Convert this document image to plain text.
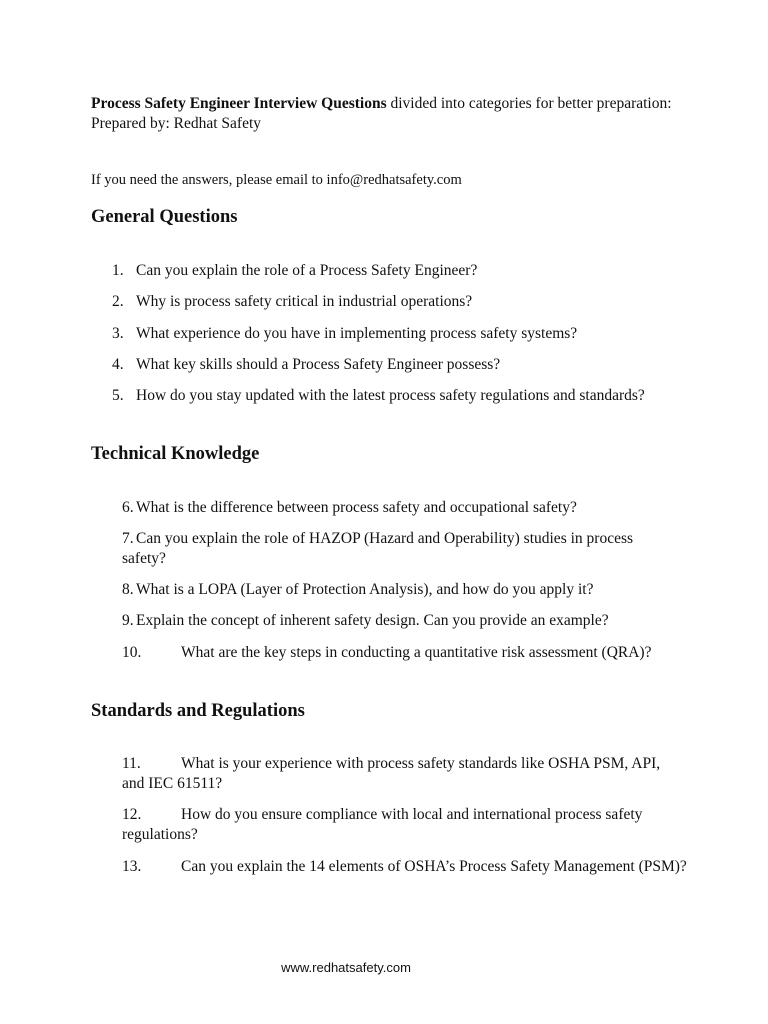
Process Safety Engineer Interview Questions divided into categories for better preparation:
Prepared by: Redhat Safety
If you need the answers, please email to info@redhatsafety.com
General Questions
1. Can you explain the role of a Process Safety Engineer?
2. Why is process safety critical in industrial operations?
3. What experience do you have in implementing process safety systems?
4. What key skills should a Process Safety Engineer possess?
5. How do you stay updated with the latest process safety regulations and standards?
Technical Knowledge
6. What is the difference between process safety and occupational safety?
7. Can you explain the role of HAZOP (Hazard and Operability) studies in process safety?
8. What is a LOPA (Layer of Protection Analysis), and how do you apply it?
9. Explain the concept of inherent safety design. Can you provide an example?
10.	What are the key steps in conducting a quantitative risk assessment (QRA)?
Standards and Regulations
11.	What is your experience with process safety standards like OSHA PSM, API, and IEC 61511?
12.	How do you ensure compliance with local and international process safety regulations?
13.	Can you explain the 14 elements of OSHA’s Process Safety Management (PSM)?
www.redhatsafety.com
